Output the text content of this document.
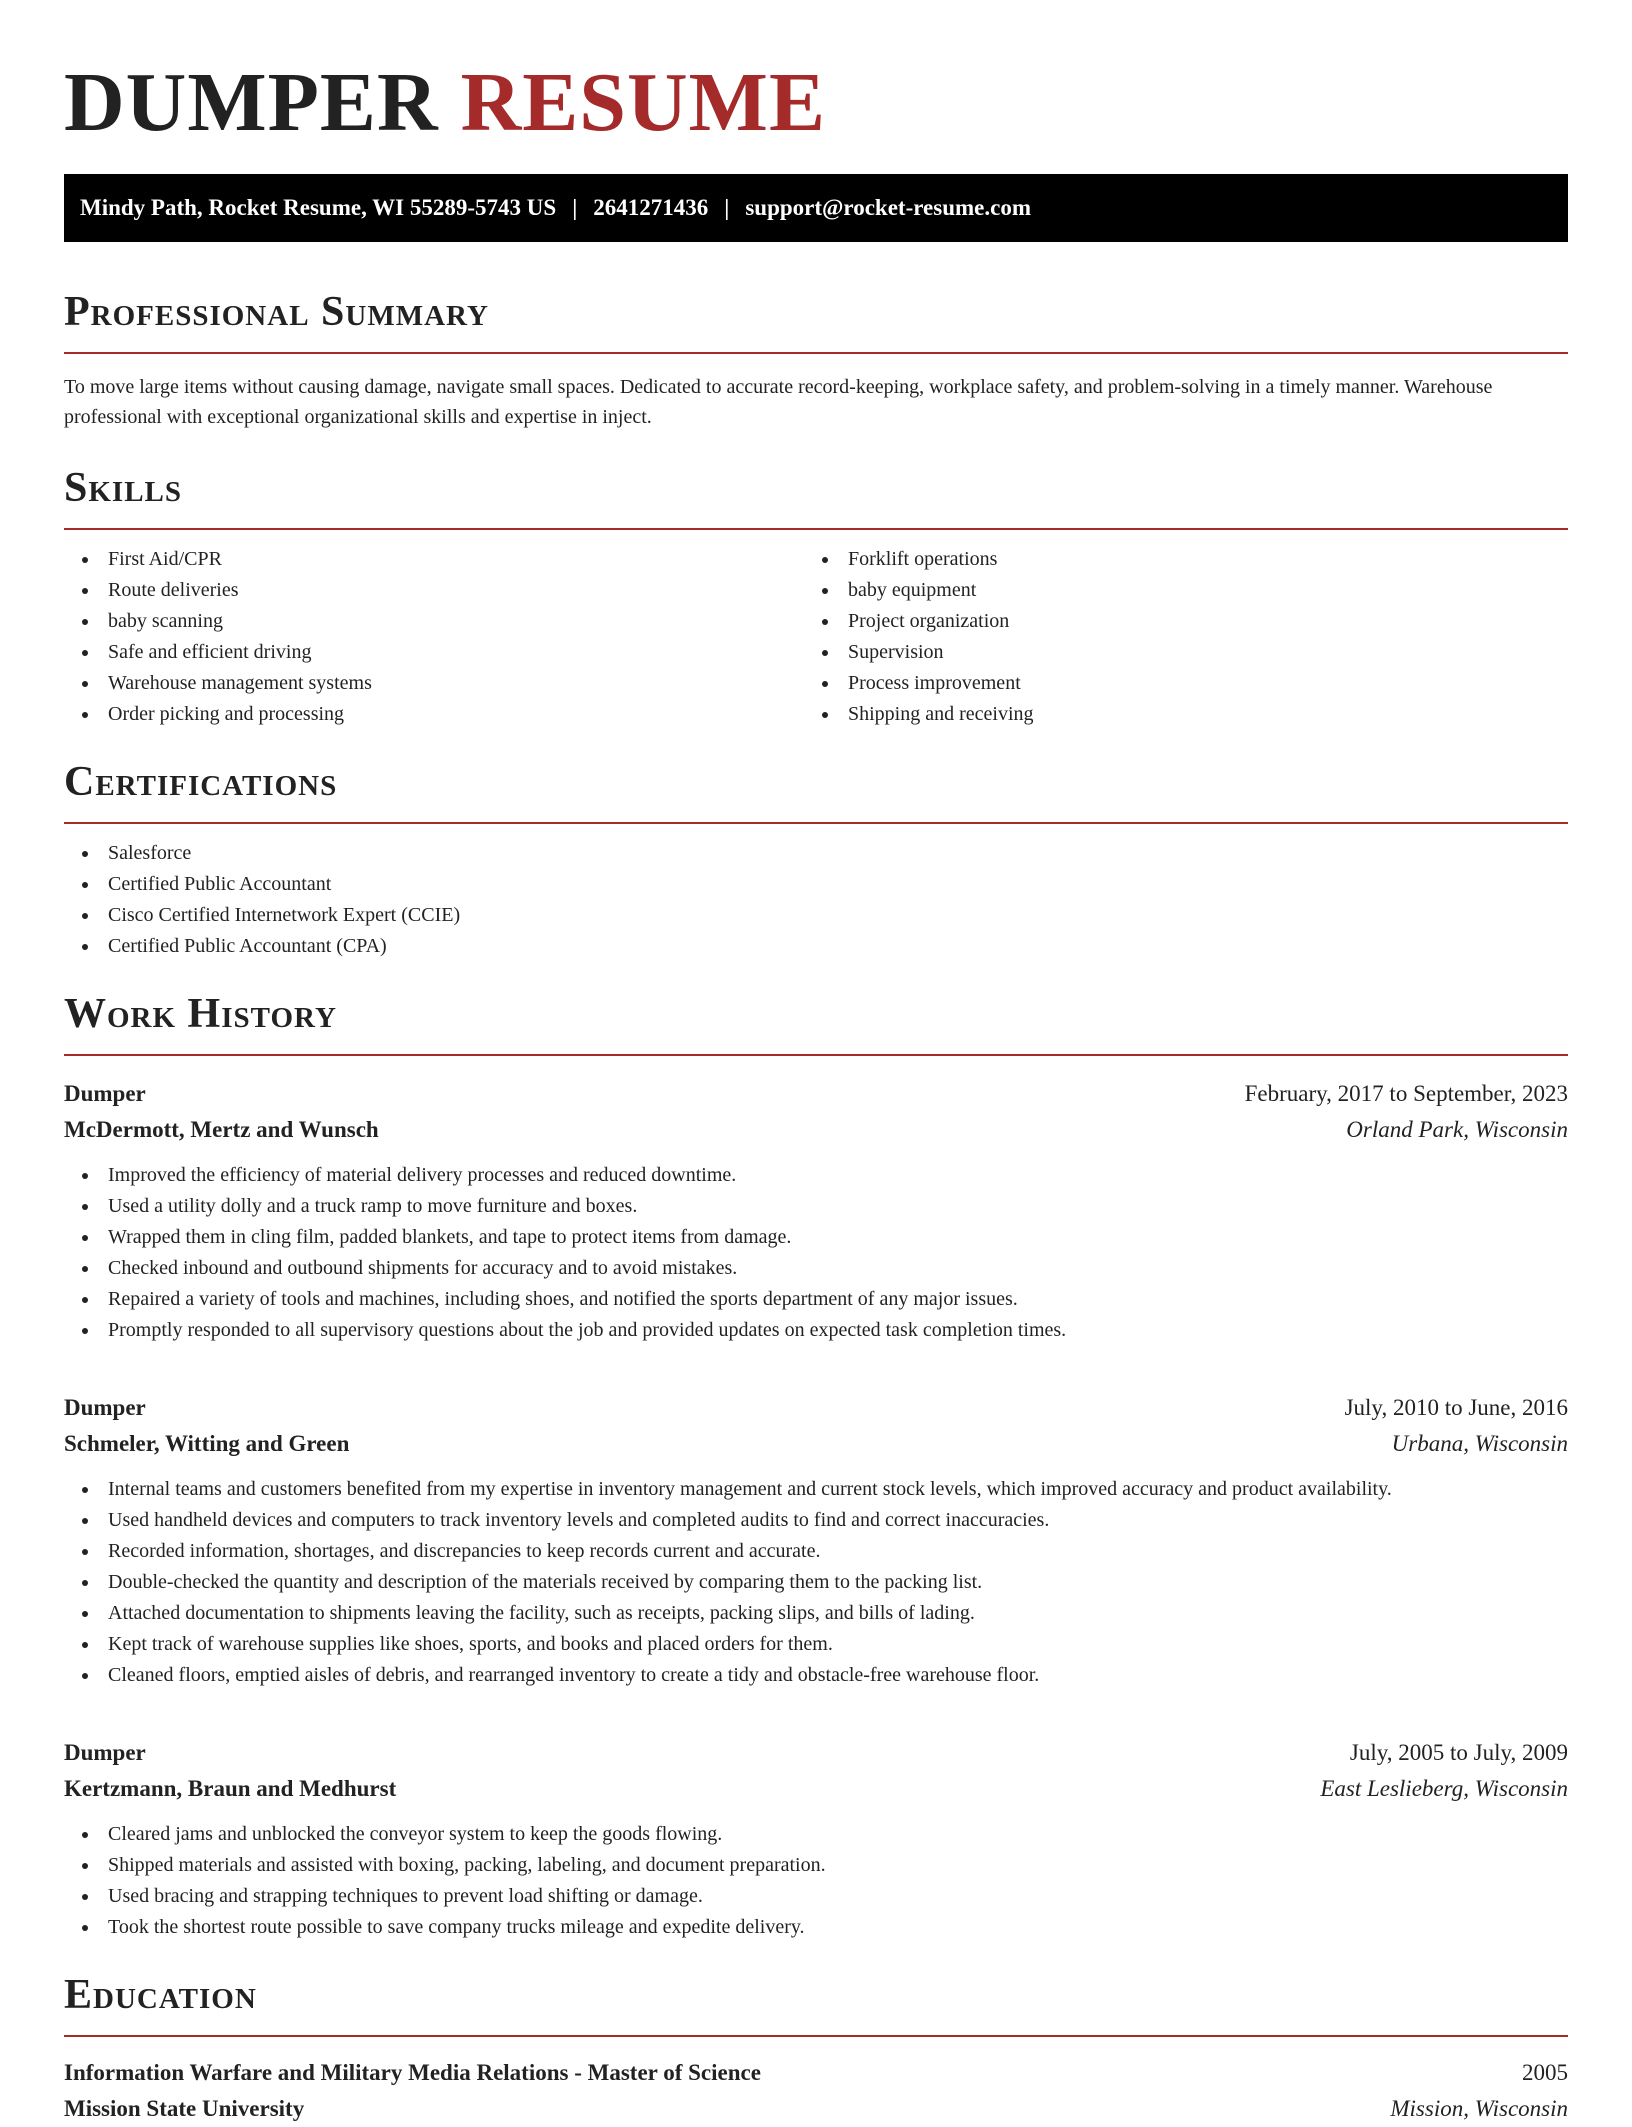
DUMPER RESUME
Mindy Path, Rocket Resume, WI 55289-5743 US | 2641271436 | support@rocket-resume.com
Professional Summary

To move large items without causing damage, navigate small spaces. Dedicated to accurate record-keeping, workplace safety, and problem-solving in a timely manner. Warehouse professional with exceptional organizational skills and expertise in inject.

Skills
First Aid/CPR
Route deliveries
baby scanning
Safe and efficient driving
Warehouse management systems
Order picking and processing
Forklift operations
baby equipment
Project organization
Supervision
Process improvement
Shipping and receiving
Certifications
Salesforce
Certified Public Accountant
Cisco Certified Internetwork Expert (CCIE)
Certified Public Accountant (CPA)
Work History
Dumper	February, 2017 to September, 2023
McDermott, Mertz and Wunsch	Orland Park, Wisconsin
Improved the efficiency of material delivery processes and reduced downtime.
Used a utility dolly and a truck ramp to move furniture and boxes.
Wrapped them in cling film, padded blankets, and tape to protect items from damage.
Checked inbound and outbound shipments for accuracy and to avoid mistakes.
Repaired a variety of tools and machines, including shoes, and notified the sports department of any major issues.
Promptly responded to all supervisory questions about the job and provided updates on expected task completion times.
Dumper	July, 2010 to June, 2016
Schmeler, Witting and Green	Urbana, Wisconsin
Internal teams and customers benefited from my expertise in inventory management and current stock levels, which improved accuracy and product availability.
Used handheld devices and computers to track inventory levels and completed audits to find and correct inaccuracies.
Recorded information, shortages, and discrepancies to keep records current and accurate.
Double-checked the quantity and description of the materials received by comparing them to the packing list.
Attached documentation to shipments leaving the facility, such as receipts, packing slips, and bills of lading.
Kept track of warehouse supplies like shoes, sports, and books and placed orders for them.
Cleaned floors, emptied aisles of debris, and rearranged inventory to create a tidy and obstacle-free warehouse floor.
Dumper	July, 2005 to July, 2009
Kertzmann, Braun and Medhurst	East Leslieberg, Wisconsin
Cleared jams and unblocked the conveyor system to keep the goods flowing.
Shipped materials and assisted with boxing, packing, labeling, and document preparation.
Used bracing and strapping techniques to prevent load shifting or damage.
Took the shortest route possible to save company trucks mileage and expedite delivery.
Education
Information Warfare and Military Media Relations - Master of Science	2005
Mission State University	Mission, Wisconsin
